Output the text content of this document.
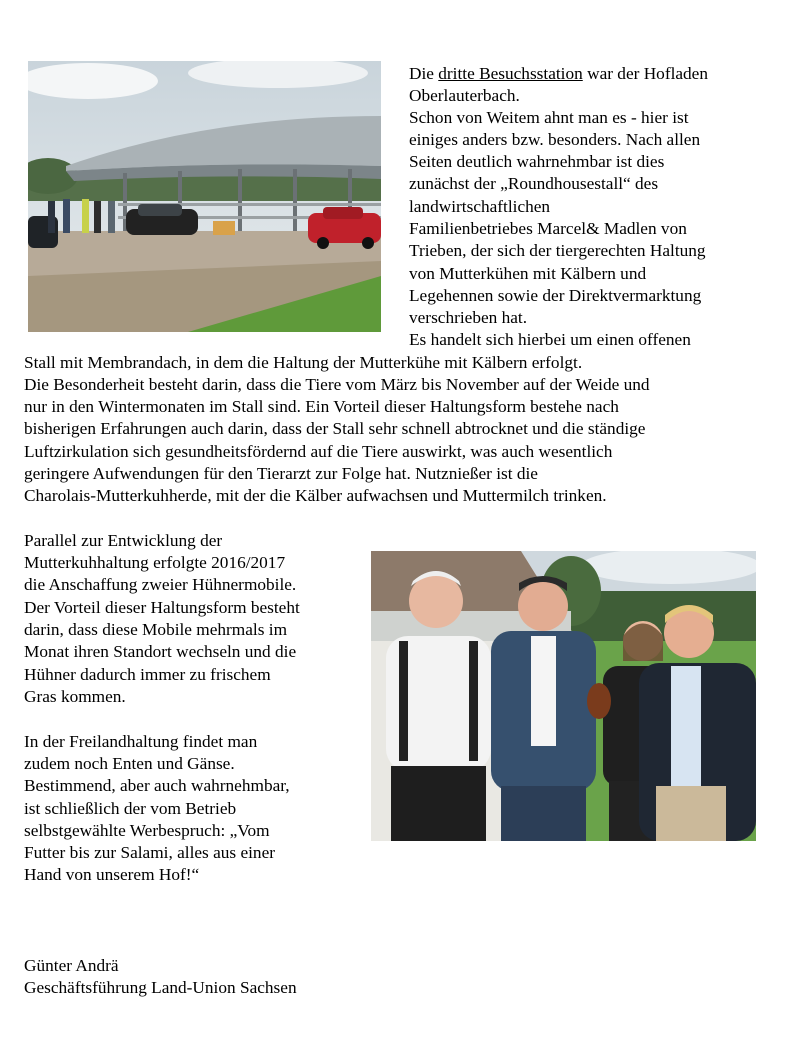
Die dritte Besuchsstation war der Hofladen
Oberlauterbach.
Schon von Weitem ahnt man es - hier ist
einiges anders bzw. besonders. Nach allen
Seiten deutlich wahrnehmbar ist dies
zunächst der „Roundhousestall“ des
landwirtschaftlichen
Familienbetriebes Marcel& Madlen von
Trieben, der sich der tiergerechten Haltung
von Mutterkühen mit Kälbern und
Legehennen sowie der Direktvermarktung
verschrieben hat.
Es handelt sich hierbei um einen offenen
Stall mit Membrandach, in dem die Haltung der Mutterkühe mit Kälbern erfolgt.
Die Besonderheit besteht darin, dass die Tiere vom März bis November auf der Weide und
nur in den Wintermonaten im Stall sind. Ein Vorteil dieser Haltungsform bestehe nach
bisherigen Erfahrungen auch darin, dass der Stall sehr schnell abtrocknet und die ständige
Luftzirkulation sich gesundheitsfördernd auf die Tiere auswirkt, was auch wesentlich
geringere Aufwendungen für den Tierarzt zur Folge hat. Nutznießer ist die
Charolais-Mutterkuhherde, mit der die Kälber aufwachsen und Muttermilch trinken.
Parallel zur Entwicklung der
Mutterkuhhaltung erfolgte 2016/2017
die Anschaffung zweier Hühnermobile.
Der Vorteil dieser Haltungsform besteht
darin, dass diese Mobile mehrmals im
Monat ihren Standort wechseln und die
Hühner dadurch immer zu frischem
Gras kommen.
In der Freilandhaltung findet man
zudem noch Enten und Gänse.
Bestimmend, aber auch wahrnehmbar,
ist schließlich der vom Betrieb
selbstgewählte Werbespruch: „Vom
Futter bis zur Salami, alles aus einer
Hand von unserem Hof!“
Günter Andrä
Geschäftsführung Land-Union Sachsen
